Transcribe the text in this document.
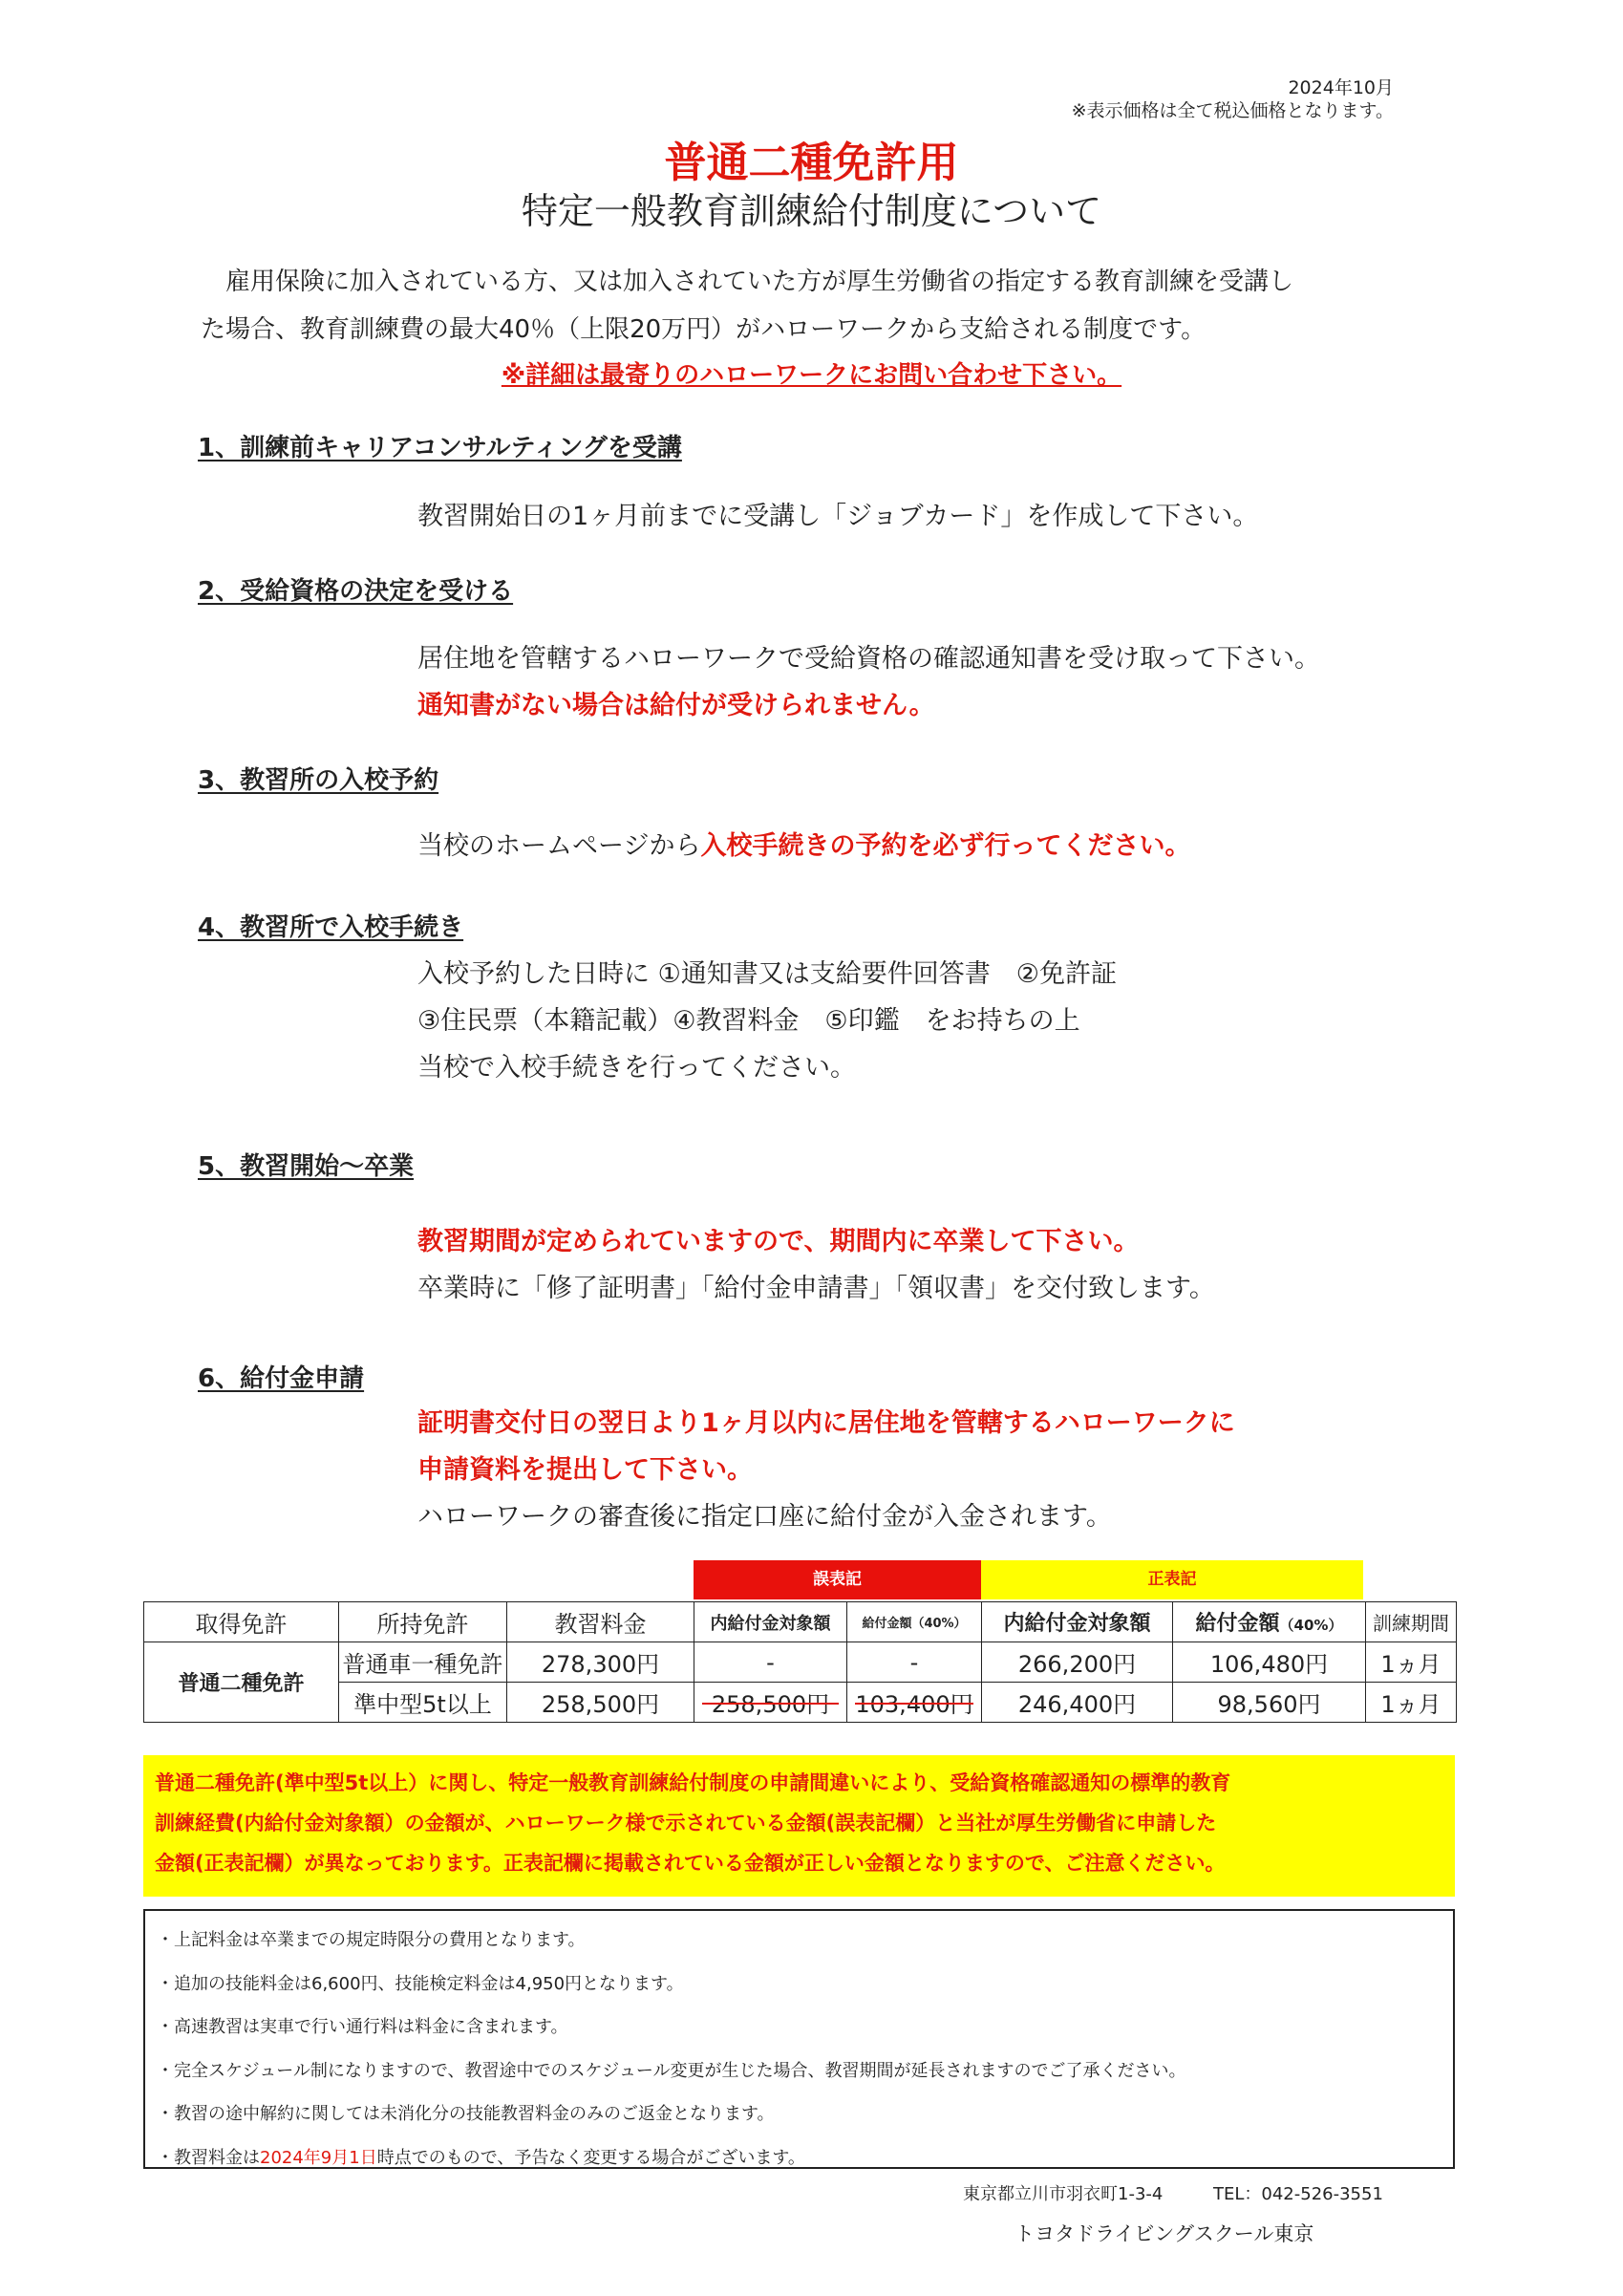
2024年10月
※表示価格は全て税込価格となります。
普通二種免許用
特定一般教育訓練給付制度について
雇用保険に加入されている方、又は加入されていた方が厚生労働省の指定する教育訓練を受講し
た場合、教育訓練費の最大40％（上限20万円）がハローワークから支給される制度です。
※詳細は最寄りのハローワークにお問い合わせ下さい。
1、訓練前キャリアコンサルティングを受講
教習開始日の1ヶ月前までに受講し「ジョブカード」を作成して下さい。
2、受給資格の決定を受ける
居住地を管轄するハローワークで受給資格の確認通知書を受け取って下さい。
通知書がない場合は給付が受けられません。
3、教習所の入校予約
当校のホームページから入校手続きの予約を必ず行ってください。
4、教習所で入校手続き
入校予約した日時に ①通知書又は支給要件回答書　②免許証
③住民票（本籍記載）④教習料金　⑤印鑑　をお持ちの上
当校で入校手続きを行ってください。
5、教習開始～卒業
教習期間が定められていますので、期間内に卒業して下さい。
卒業時に「修了証明書」「給付金申請書」「領収書」を交付致します。
6、給付金申請
証明書交付日の翌日より1ヶ月以内に居住地を管轄するハローワークに
申請資料を提出して下さい。
ハローワークの審査後に指定口座に給付金が入金されます。
誤表記	正表記
取得免許	所持免許	教習料金	内給付金対象額	給付金額（40%）	内給付金対象額	給付金額（40%）	訓練期間
普通二種免許	普通車一種免許	278,300円	-	-	266,200円	106,480円	1ヵ月
	準中型5t以上	258,500円	258,500円	103,400円	246,400円	98,560円	1ヵ月
普通二種免許(準中型5t以上）に関し、特定一般教育訓練給付制度の申請間違いにより、受給資格確認通知の標準的教育
訓練経費(内給付金対象額）の金額が、ハローワーク様で示されている金額(誤表記欄）と当社が厚生労働省に申請した
金額(正表記欄）が異なっております。正表記欄に掲載されている金額が正しい金額となりますので、ご注意ください。
・上記料金は卒業までの規定時限分の費用となります。
・追加の技能料金は6,600円、技能検定料金は4,950円となります。
・高速教習は実車で行い通行料は料金に含まれます。
・完全スケジュール制になりますので、教習途中でのスケジュール変更が生じた場合、教習期間が延長されますのでご了承ください。
・教習の途中解約に関しては未消化分の技能教習料金のみのご返金となります。
・教習料金は2024年9月1日時点でのもので、予告なく変更する場合がございます。
東京都立川市羽衣町1-3-4	TEL：042-526-3551
トヨタドライビングスクール東京
